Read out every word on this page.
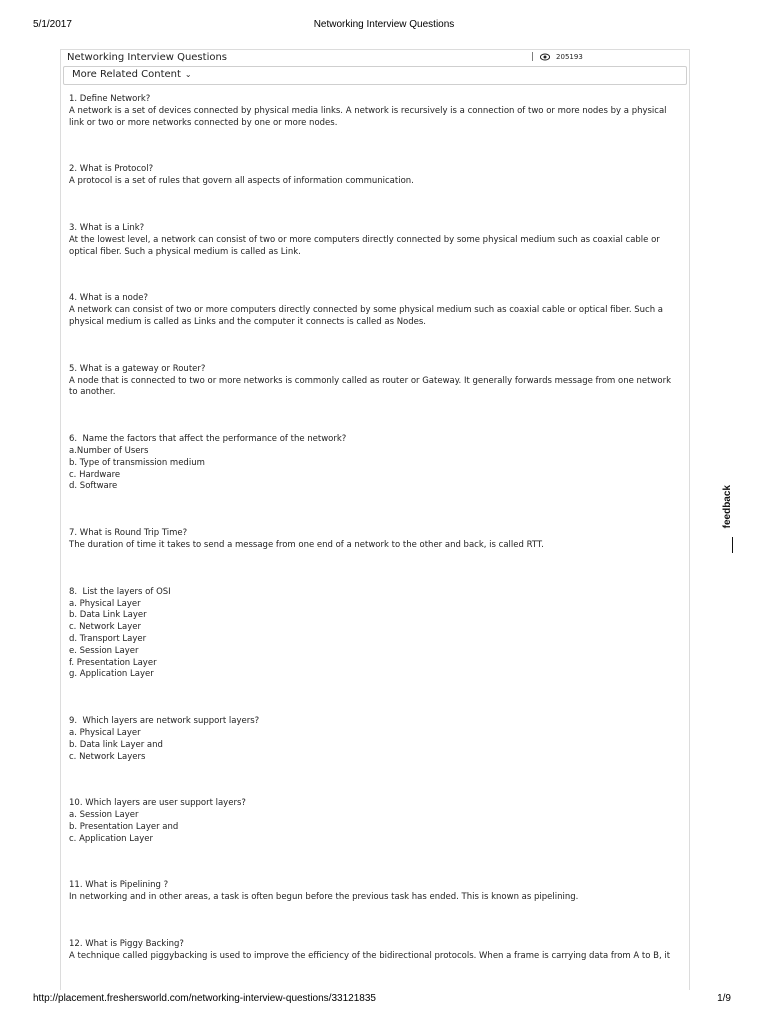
5/1/2017	Networking Interview Questions
Networking Interview Questions	|	205193
More Related Content ⌄

1. Define Network?

A network is a set of devices connected by physical media links. A network is recursively is a connection of two or more nodes by a physical link or two or more networks connected by one or more nodes.

2. What is Protocol?

A protocol is a set of rules that govern all aspects of information communication.

3. What is a Link?

At the lowest level, a network can consist of two or more computers directly connected by some physical medium such as coaxial cable or optical fiber. Such a physical medium is called as Link.

4. What is a node?

A network can consist of two or more computers directly connected by some physical medium such as coaxial cable or optical fiber. Such a physical medium is called as Links and the computer it connects is called as Nodes.

5. What is a gateway or Router?

A node that is connected to two or more networks is commonly called as router or Gateway. It generally forwards message from one network to another.

6.  Name the factors that affect the performance of the network?

a.Number of Users

b. Type of transmission medium

c. Hardware

d. Software

7. What is Round Trip Time?

The duration of time it takes to send a message from one end of a network to the other and back, is called RTT.

8.  List the layers of OSI

a. Physical Layer

b. Data Link Layer

c. Network Layer

d. Transport Layer

e. Session Layer

f. Presentation Layer

g. Application Layer

9.  Which layers are network support layers?

a. Physical Layer

b. Data link Layer and

c. Network Layers

10. Which layers are user support layers?

a. Session Layer

b. Presentation Layer and

c. Application Layer

11. What is Pipelining ?

In networking and in other areas, a task is often begun before the previous task has ended. This is known as pipelining.

12. What is Piggy Backing?

A technique called piggybacking is used to improve the efficiency of the bidirectional protocols. When a frame is carrying data from A to B, it

feedback
http://placement.freshersworld.com/networking-interview-questions/33121835	1/9
